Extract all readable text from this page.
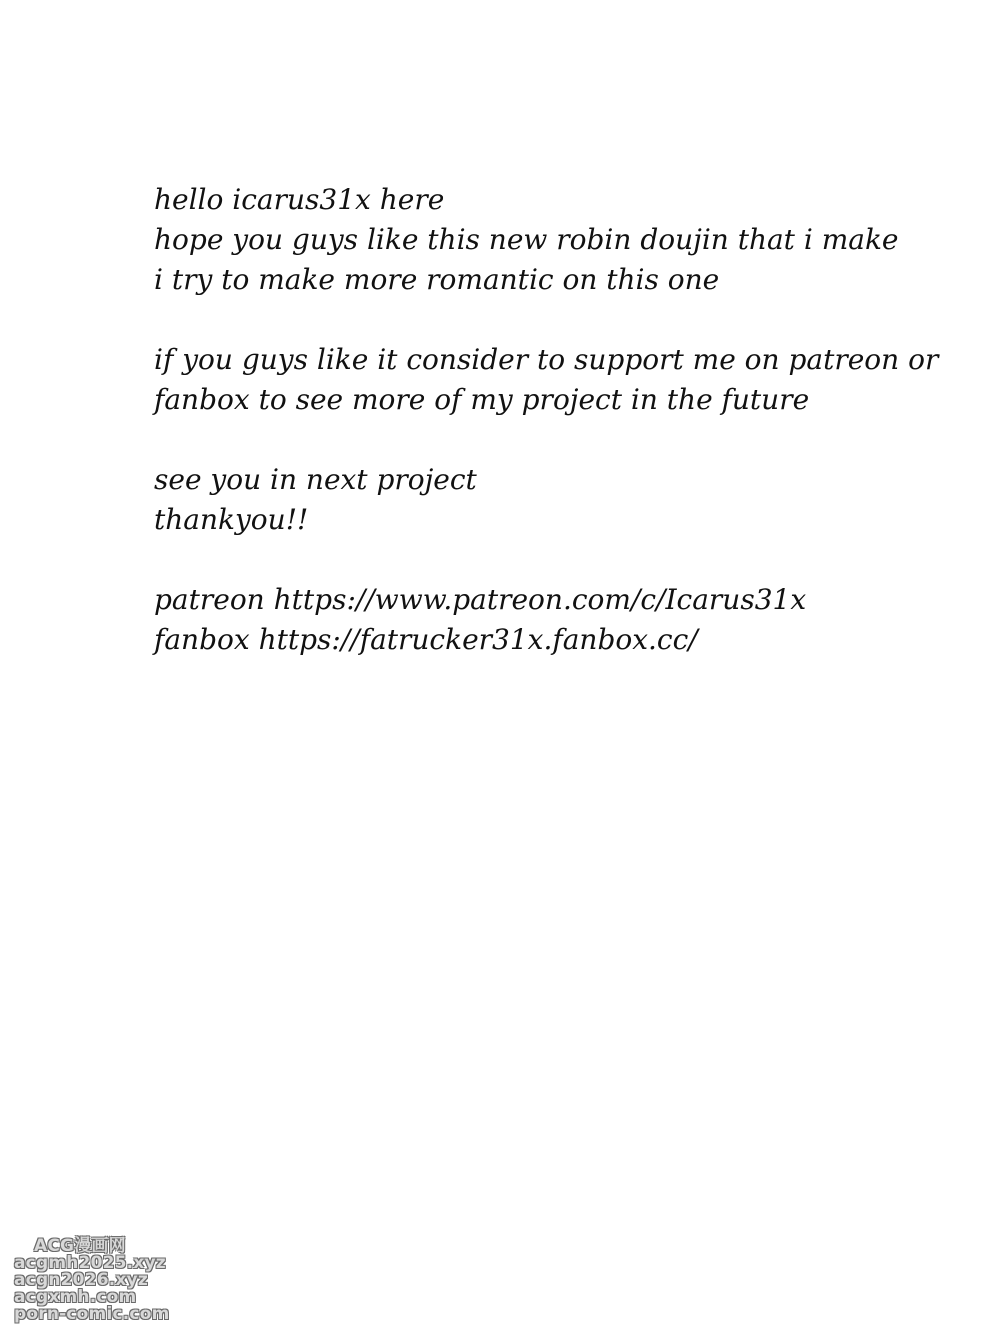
hello icarus31x here
hope you guys like this new robin doujin that i make
i try to make more romantic on this one
if you guys like it consider to support me on patreon or
fanbox to see more of my project in the future
see you in next project
thankyou!!
patreon https://www.patreon.com/c/Icarus31x
fanbox https://fatrucker31x.fanbox.cc/
ACG漫画网
acgmh2025.xyz
acgn2026.xyz
acgxmh.com
porn-comic.com
